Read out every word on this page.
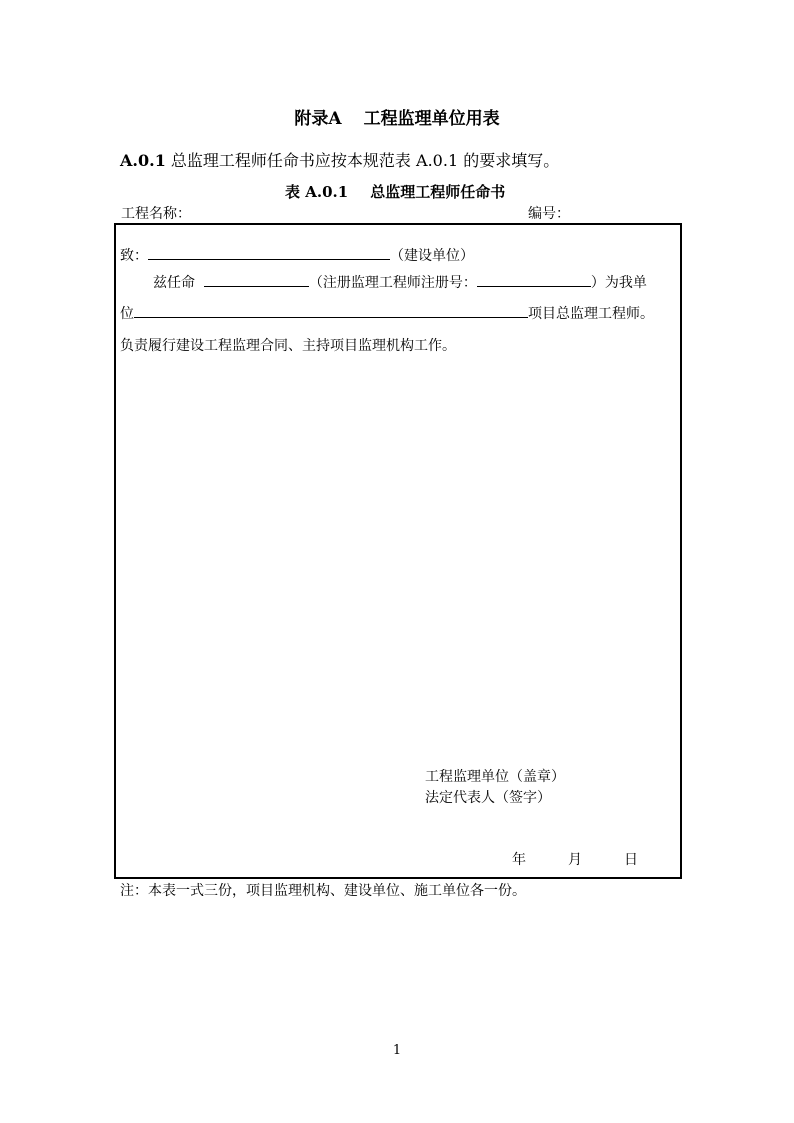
附录A 工程监理单位用表
A.0.1 总监理工程师任命书应按本规范表 A.0.1 的要求填写。
表 A.0.1 总监理工程师任命书
工程名称：	编号：
致：	（建设单位）
兹任命	（注册监理工程师注册号：	）为我单
位	项目总监理工程师。
负责履行建设工程监理合同、主持项目监理机构工作。
工程监理单位（盖章）
法定代表人（签字）
年	月	日
注：本表一式三份，项目监理机构、建设单位、施工单位各一份。
1
